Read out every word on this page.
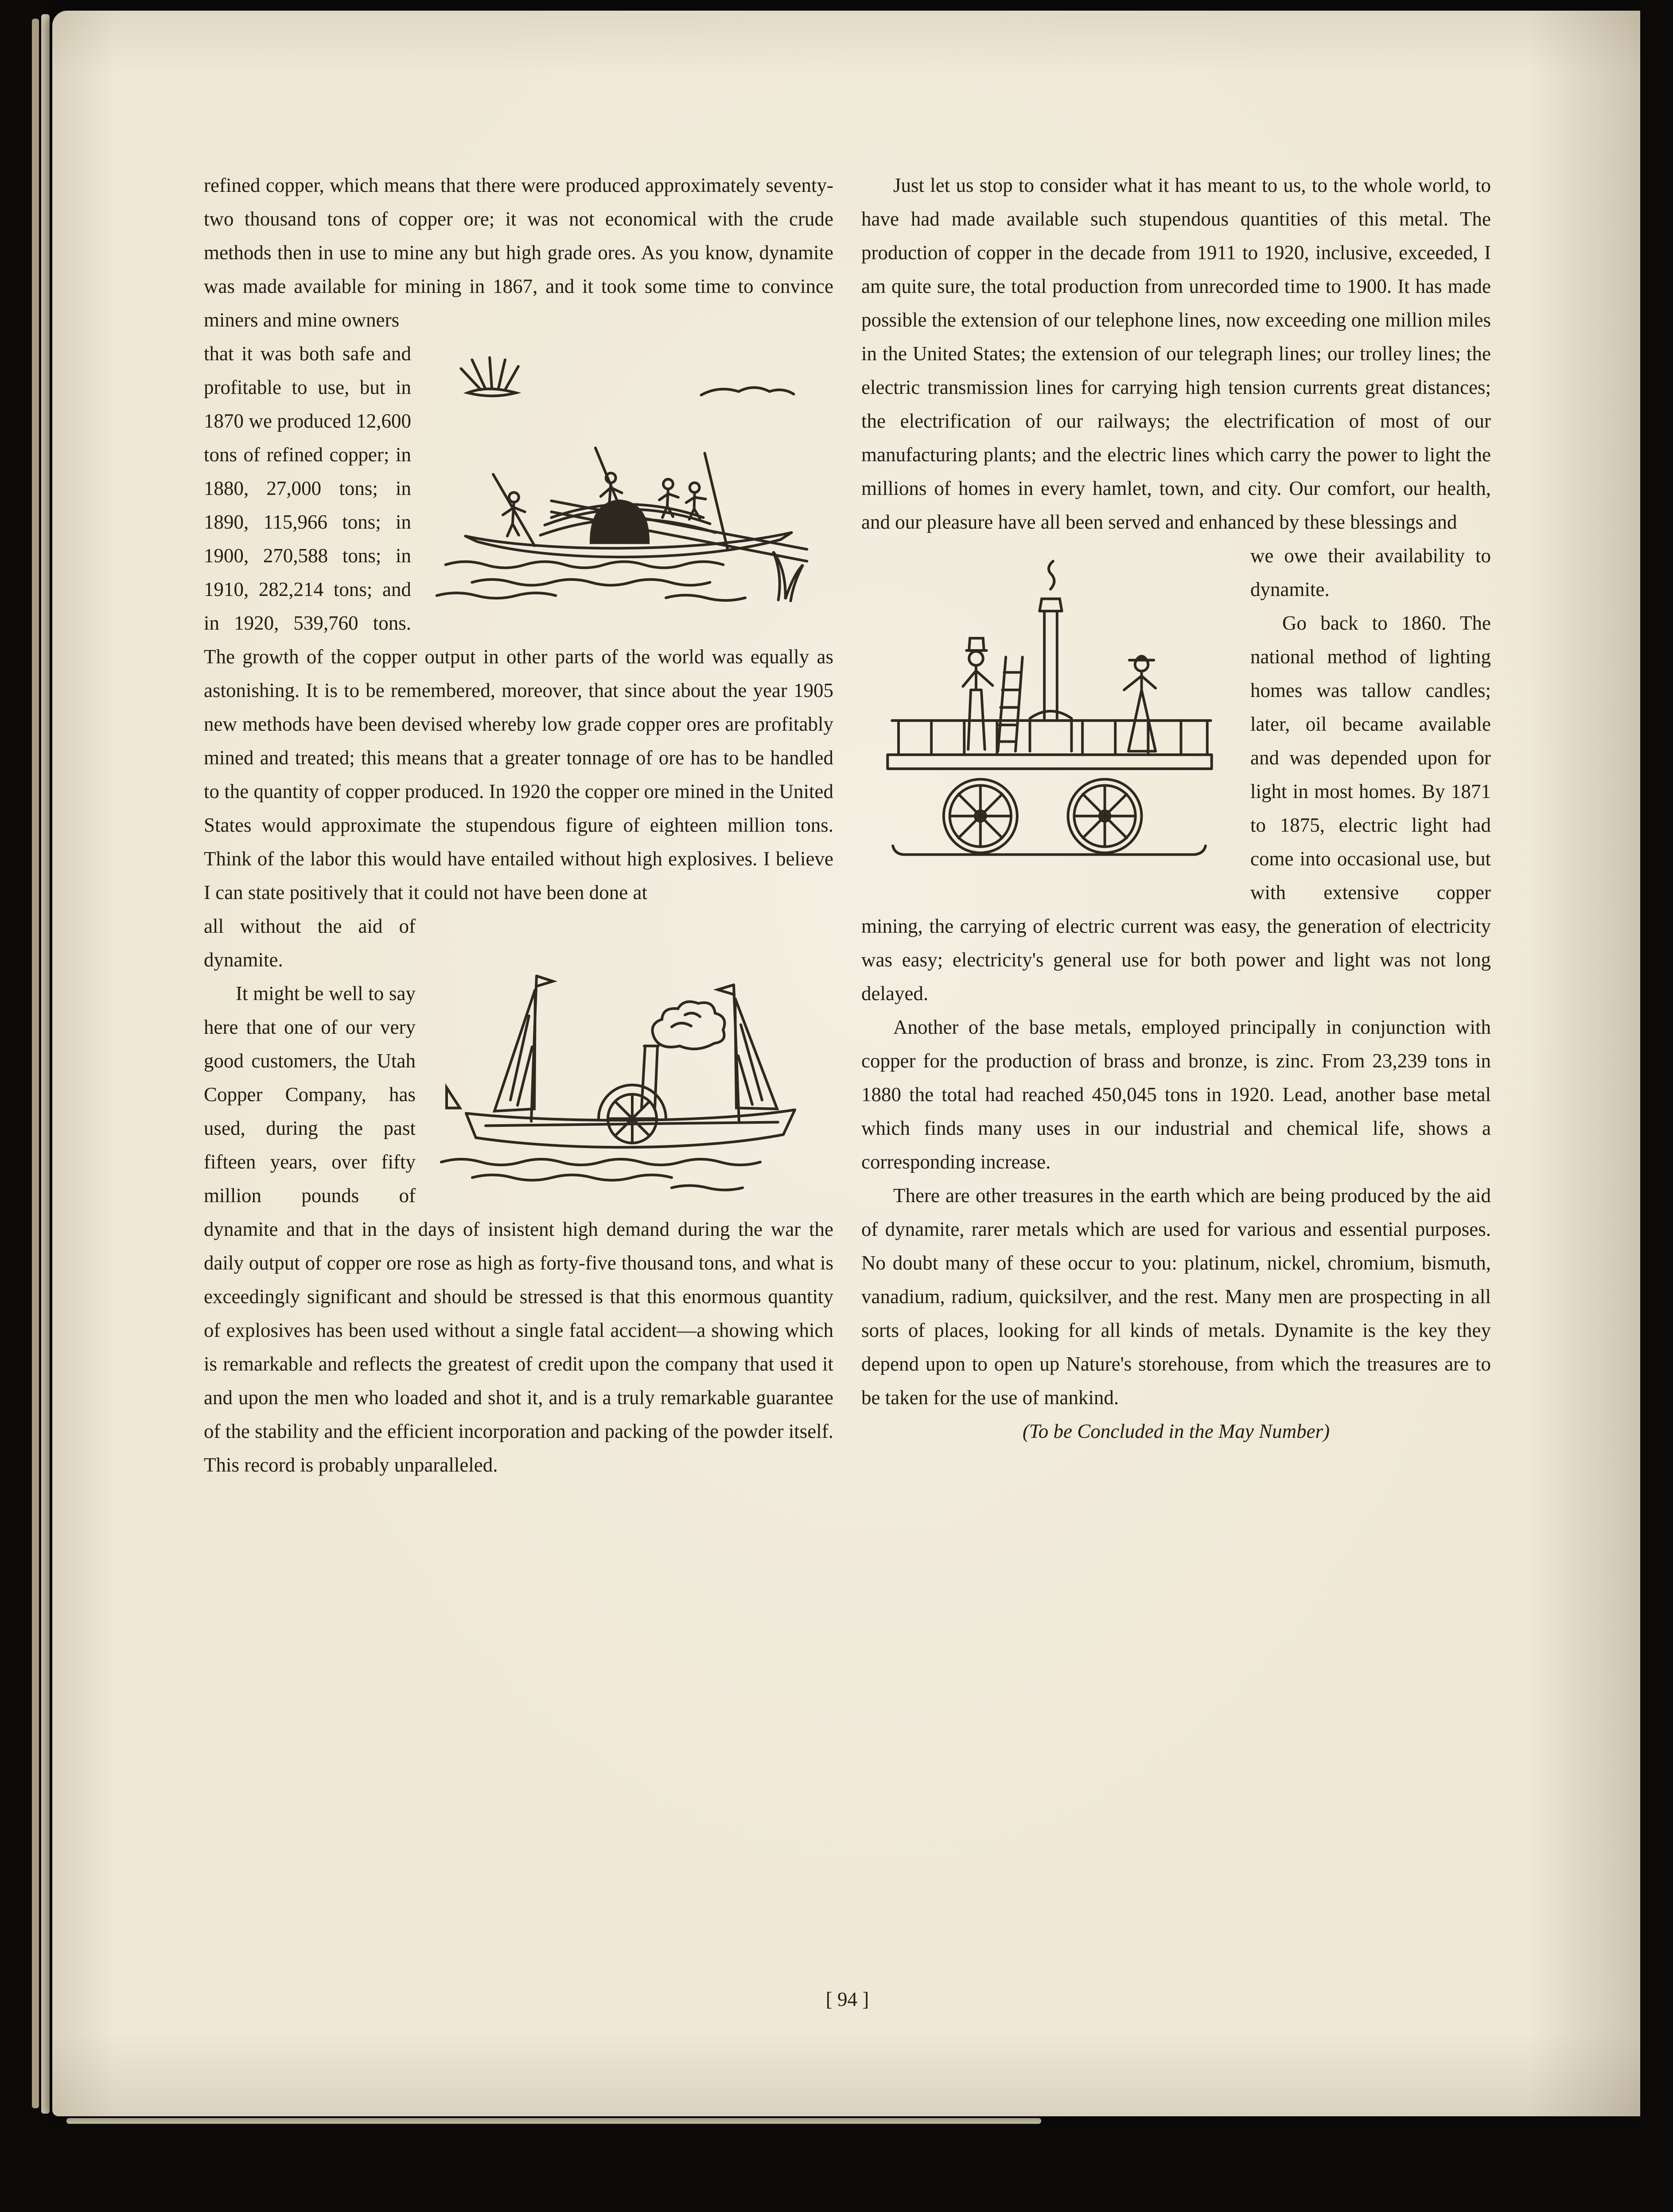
refined copper, which means that there were produced approximately seventy-two thousand tons of copper ore; it was not economical with the crude methods then in use to mine any but high grade ores. As you know, dynamite was made available for mining in 1867, and it took some time to convince miners and mine owners

that it was both safe and profitable to use, but in 1870 we produced 12,600 tons of refined copper; in 1880, 27,000 tons; in 1890, 115,966 tons; in 1900, 270,588 tons; in 1910, 282,214 tons; and in 1920, 539,760 tons. The growth of the copper output in other parts of the world was equally as astonishing. It is to be remembered, moreover, that since about the year 1905 new methods have been devised whereby low grade copper ores are profitably mined and treated; this means that a greater tonnage of ore has to be handled to the quantity of copper produced. In 1920 the copper ore mined in the United States would approximate the stupendous figure of eighteen million tons. Think of the labor this would have entailed without high explosives. I believe I can state positively that it could not have been done at

all without the aid of dynamite.

It might be well to say here that one of our very good customers, the Utah Copper Company, has used, during the past fifteen years, over fifty million pounds of dynamite and that in the days of insistent high demand during the war the daily output of copper ore rose as high as forty-five thousand tons, and what is exceedingly significant and should be stressed is that this enormous quantity of explosives has been used without a single fatal accident—a showing which is remarkable and reflects the greatest of credit upon the company that used it and upon the men who loaded and shot it, and is a truly remarkable guarantee of the stability and the efficient incorporation and packing of the powder itself. This record is probably unparalleled.

Just let us stop to consider what it has meant to us, to the whole world, to have had made available such stupendous quantities of this metal. The production of copper in the decade from 1911 to 1920, inclusive, exceeded, I am quite sure, the total production from unrecorded time to 1900. It has made possible the extension of our telephone lines, now exceeding one million miles in the United States; the extension of our telegraph lines; our trolley lines; the electric transmission lines for carrying high tension currents great distances; the electrification of our railways; the electrification of most of our manufacturing plants; and the electric lines which carry the power to light the millions of homes in every hamlet, town, and city. Our comfort, our health, and our pleasure have all been served and enhanced by these blessings and

we owe their availability to dynamite.

Go back to 1860. The national method of lighting homes was tallow candles; later, oil became available and was depended upon for light in most homes. By 1871 to 1875, electric light had come into occasional use, but with extensive copper mining, the carrying of electric current was easy, the generation of electricity was easy; electricity's general use for both power and light was not long delayed.

Another of the base metals, employed principally in conjunction with copper for the production of brass and bronze, is zinc. From 23,239 tons in 1880 the total had reached 450,045 tons in 1920. Lead, another base metal which finds many uses in our industrial and chemical life, shows a corresponding increase.

There are other treasures in the earth which are being produced by the aid of dynamite, rarer metals which are used for various and essential purposes. No doubt many of these occur to you: platinum, nickel, chromium, bismuth, vanadium, radium, quicksilver, and the rest. Many men are prospecting in all sorts of places, looking for all kinds of metals. Dynamite is the key they depend upon to open up Nature's storehouse, from which the treasures are to be taken for the use of mankind.

(To be Concluded in the May Number)

[ 94 ]
